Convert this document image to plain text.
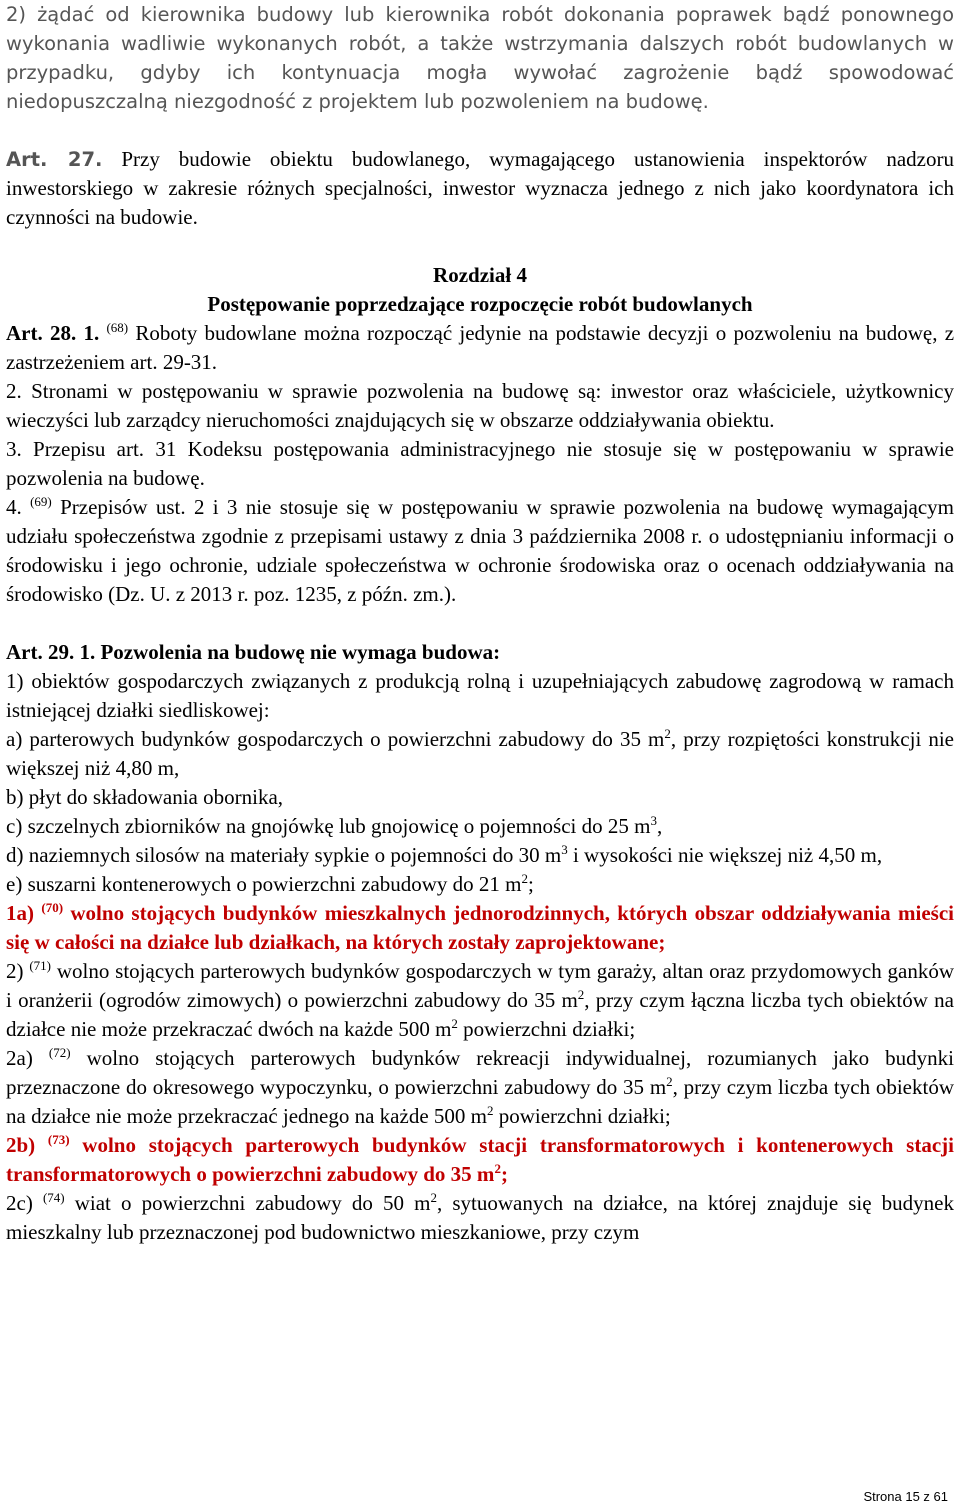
2) żądać od kierownika budowy lub kierownika robót dokonania poprawek bądź ponownego
wykonania wadliwie wykonanych robót, a także wstrzymania dalszych robót budowlanych w
przypadku, gdyby ich kontynuacja mogła wywołać zagrożenie bądź spowodować
niedopuszczalną niezgodność z projektem lub pozwoleniem na budowę.

Art. 27. Przy budowie obiektu budowlanego, wymagającego ustanowienia inspektorów nadzoru inwestorskiego w zakresie różnych specjalności, inwestor wyznacza jednego z nich jako koordynatora ich czynności na budowie.

Rozdział 4
Postępowanie poprzedzające rozpoczęcie robót budowlanych

Art. 28. 1. $^{(68)}$ Roboty budowlane można rozpocząć jedynie na podstawie decyzji o pozwoleniu na budowę, z zastrzeżeniem art. 29-31.

2. Stronami w postępowaniu w sprawie pozwolenia na budowę są: inwestor oraz właściciele, użytkownicy wieczyści lub zarządcy nieruchomości znajdujących się w obszarze oddziaływania obiektu.

3. Przepisu art. 31 Kodeksu postępowania administracyjnego nie stosuje się w postępowaniu w sprawie pozwolenia na budowę.

4. $^{(69)}$ Przepisów ust. 2 i 3 nie stosuje się w postępowaniu w sprawie pozwolenia na budowę wymagającym udziału społeczeństwa zgodnie z przepisami ustawy z dnia 3 października 2008 r. o udostępnianiu informacji o środowisku i jego ochronie, udziale społeczeństwa w ochronie środowiska oraz o ocenach oddziaływania na środowisko (Dz. U. z 2013 r. poz. 1235, z późn. zm.).

Art. 29. 1. Pozwolenia na budowę nie wymaga budowa:

1) obiektów gospodarczych związanych z produkcją rolną i uzupełniających zabudowę zagrodową w ramach istniejącej działki siedliskowej:

a) parterowych budynków gospodarczych o powierzchni zabudowy do 35 $m^2$, przy rozpiętości konstrukcji nie większej niż 4,80 m,

b) płyt do składowania obornika,

c) szczelnych zbiorników na gnojówkę lub gnojowicę o pojemności do 25 $m^3$,

d) naziemnych silosów na materiały sypkie o pojemności do 30 $m^3$ i wysokości nie większej niż 4,50 m,

e) suszarni kontenerowych o powierzchni zabudowy do 21 $m^2$;

1a) $^{(70)}$ wolno stojących budynków mieszkalnych jednorodzinnych, których obszar oddziaływania mieści się w całości na działce lub działkach, na których zostały zaprojektowane;

2) $^{(71)}$ wolno stojących parterowych budynków gospodarczych w tym garaży, altan oraz przydomowych ganków i oranżerii (ogrodów zimowych) o powierzchni zabudowy do 35 $m^2$, przy czym łączna liczba tych obiektów na działce nie może przekraczać dwóch na każde 500 $m^2$ powierzchni działki;

2a) $^{(72)}$ wolno stojących parterowych budynków rekreacji indywidualnej, rozumianych jako budynki przeznaczone do okresowego wypoczynku, o powierzchni zabudowy do 35 $m^2$, przy czym liczba tych obiektów na działce nie może przekraczać jednego na każde 500 $m^2$ powierzchni działki;

2b) $^{(73)}$ wolno stojących parterowych budynków stacji transformatorowych i kontenerowych stacji transformatorowych o powierzchni zabudowy do 35 $m^2$;

2c) $^{(74)}$ wiat o powierzchni zabudowy do 50 $m^2$, sytuowanych na działce, na której znajduje się budynek mieszkalny lub przeznaczonej pod budownictwo mieszkaniowe, przy czym

Strona 15 z 61
